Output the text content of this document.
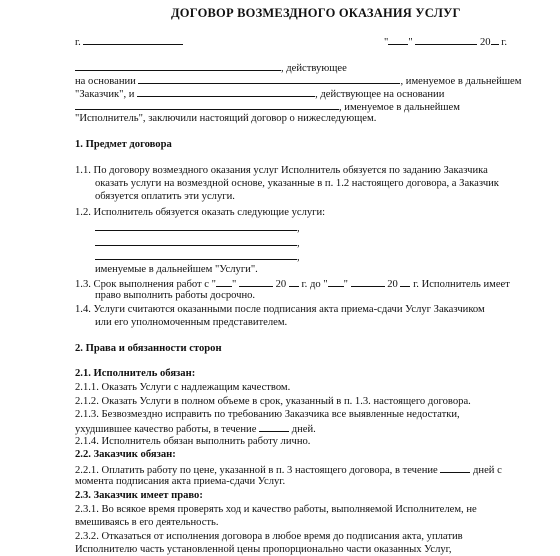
ДОГОВОР ВОЗМЕЗДНОГО ОКАЗАНИЯ УСЛУГ
г.	" "	20 г.
, действующее
на основании	, именуемое в дальнейшем
"Заказчик", и	, действующее на основании
, именуемое в дальнейшем
"Исполнитель", заключили настоящий договор о нижеследующем.
1. Предмет договора
1.1. По договору возмездного оказания услуг Исполнитель обязуется по заданию Заказчика
оказать услуги на возмездной основе, указанные в п. 1.2 настоящего договора, а Заказчик
обязуется оплатить эти услуги.
1.2. Исполнитель обязуется оказать следующие услуги:
,
,
,
именуемые в дальнейшем "Услуги".
1.3. Срок выполнения работ с " "	20  г. до " "	20  г. Исполнитель имеет
право выполнить работы досрочно.
1.4. Услуги считаются оказанными после подписания акта приема-сдачи Услуг Заказчиком
или его уполномоченным представителем.
2. Права и обязанности сторон
2.1. Исполнитель обязан:
2.1.1. Оказать Услуги с надлежащим качеством.
2.1.2. Оказать Услуги в полном объеме в срок, указанный в п. 1.3. настоящего договора.
2.1.3. Безвозмездно исправить по требованию Заказчика все выявленные недостатки,
ухудшившее качество работы, в течение	дней.
2.1.4. Исполнитель обязан выполнить работу лично.
2.2. Заказчик обязан:
2.2.1. Оплатить работу по цене, указанной в п. 3 настоящего договора, в течение	дней с
момента подписания акта приема-сдачи Услуг.
2.3. Заказчик имеет право:
2.3.1. Во всякое время проверять ход и качество работы, выполняемой Исполнителем, не
вмешиваясь в его деятельность.
2.3.2. Отказаться от исполнения договора в любое время до подписания акта, уплатив
Исполнителю часть установленной цены пропорционально части оказанных Услуг,
